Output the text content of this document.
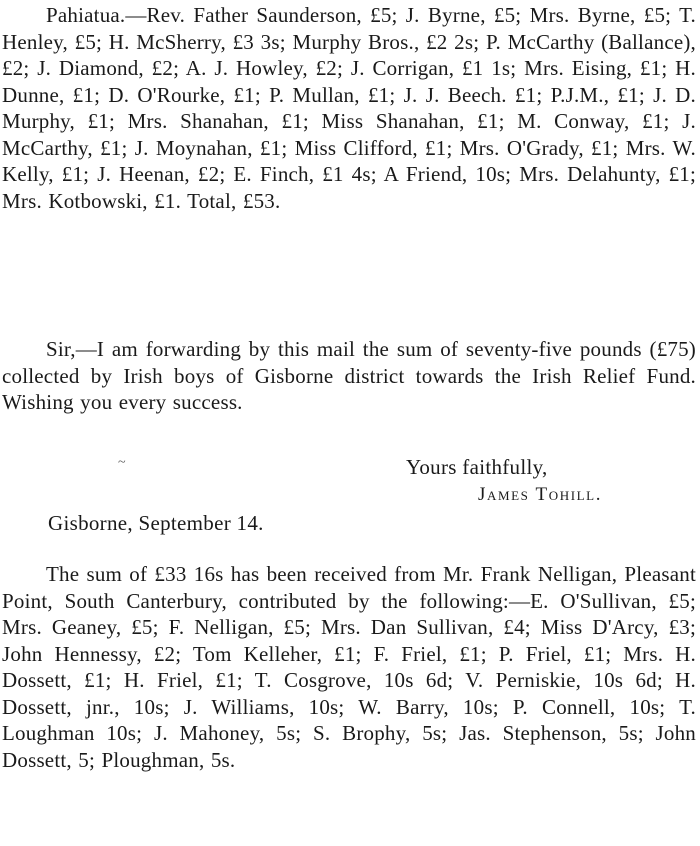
Pahiatua.—Rev. Father Saunderson, £5; J. Byrne, £5; Mrs. Byrne, £5; T. Henley, £5; H. McSherry, £3 3s; Murphy Bros., £2 2s; P. McCarthy (Ballance), £2; J. Diamond, £2; A. J. Howley, £2; J. Corrigan, £1 1s; Mrs. Eising, £1; H. Dunne, £1; D. O'Rourke, £1; P. Mullan, £1; J. J. Beech. £1; P.J.M., £1; J. D. Murphy, £1; Mrs. Shanahan, £1; Miss Shanahan, £1; M. Conway, £1; J. McCarthy, £1; J. Moynahan, £1; Miss Clifford, £1; Mrs. O'Grady, £1; Mrs. W. Kelly, £1; J. Heenan, £2; E. Finch, £1 4s; A Friend, 10s; Mrs. Delahunty, £1; Mrs. Kotbowski, £1. Total, £53.

Sir,—I am forwarding by this mail the sum of seventy-five pounds (£75) collected by Irish boys of Gisborne district towards the Irish Relief Fund. Wishing you every success.

~	Yours faithfully,
James Tohill.
Gisborne, September 14.

The sum of £33 16s has been received from Mr. Frank Nelligan, Pleasant Point, South Canterbury, contributed by the following:—E. O'Sullivan, £5; Mrs. Geaney, £5; F. Nelligan, £5; Mrs. Dan Sullivan, £4; Miss D'Arcy, £3; John Hennessy, £2; Tom Kelleher, £1; F. Friel, £1; P. Friel, £1; Mrs. H. Dossett, £1; H. Friel, £1; T. Cosgrove, 10s 6d; V. Perniskie, 10s 6d; H. Dossett, jnr., 10s; J. Williams, 10s; W. Barry, 10s; P. Connell, 10s; T. Loughman 10s; J. Mahoney, 5s; S. Brophy, 5s; Jas. Stephenson, 5s; John Dossett, 5; Ploughman, 5s.
